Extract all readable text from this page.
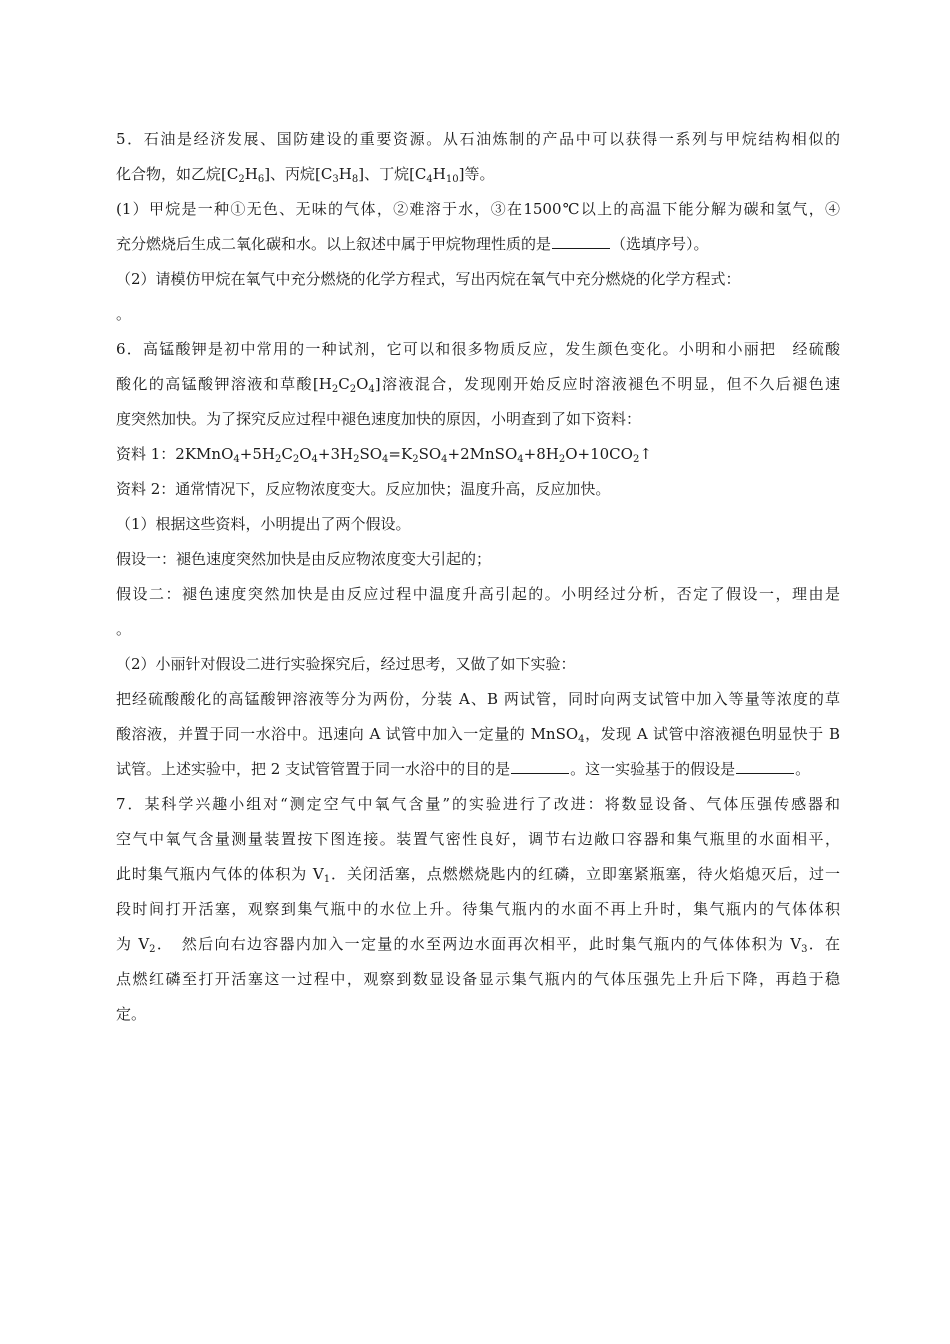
5．石油是经济发展、国防建设的重要资源。从石油炼制的产品中可以获得一系列与甲烷结构相似的
化合物，如乙烷$[C_2H_6]$、丙烷$[C_3H_8]$、丁烷$[C_4H_{10}]$等。
(1）甲烷是一种①无色、无味的气体，②难溶于水，③在1500℃以上的高温下能分解为碳和氢气，④
充分燃烧后生成二氧化碳和水。以上叙述中属于甲烷物理性质的是	（选填序号）。
（2）请模仿甲烷在氧气中充分燃烧的化学方程式，写出丙烷在氧气中充分燃烧的化学方程式：
。
6．高锰酸钾是初中常用的一种试剂，它可以和很多物质反应，发生颜色变化。小明和小丽把　经硫酸
酸化的高锰酸钾溶液和草酸$[H_2C_2O_4]$溶液混合，发现刚开始反应时溶液褪色不明显，但不久后褪色速
度突然加快。为了探究反应过程中褪色速度加快的原因，小明查到了如下资料：
资料 1：$2KMnO_4+5H_2C_2O_4+3H_2SO_4=K_2SO_4+2MnSO_4+8H_2O+10CO_2↑$
资料 2：通常情况下，反应物浓度变大。反应加快；温度升高，反应加快。
（1）根据这些资料，小明提出了两个假设。
假设一：褪色速度突然加快是由反应物浓度变大引起的；
假设二：褪色速度突然加快是由反应过程中温度升高引起的。小明经过分析，否定了假设一，理由是
。
（2）小丽针对假设二进行实验探究后，经过思考，又做了如下实验：
把经硫酸酸化的高锰酸钾溶液等分为两份，分装 A、B 两试管，同时向两支试管中加入等量等浓度的草
酸溶液，并置于同一水浴中。迅速向 A 试管中加入一定量的 MnSO$_4$，发现 A 试管中溶液褪色明显快于 B
试管。上述实验中，把 2 支试管管置于同一水浴中的目的是	。这一实验基于的假设是	。
7．某科学兴趣小组对“测定空气中氧气含量”的实验进行了改进：将数显设备、气体压强传感器和
空气中氧气含量测量装置按下图连接。装置气密性良好，调节右边敞口容器和集气瓶里的水面相平，
此时集气瓶内气体的体积为 $V_1$．关闭活塞，点燃燃烧匙内的红磷，立即塞紧瓶塞，待火焰熄灭后，过一
段时间打开活塞，观察到集气瓶中的水位上升。待集气瓶内的水面不再上升时，集气瓶内的气体体积
为 $V_2$．　然后向右边容器内加入一定量的水至两边水面再次相平，此时集气瓶内的气体体积为 $V_3$．在
点燃红磷至打开活塞这一过程中，观察到数显设备显示集气瓶内的气体压强先上升后下降，再趋于稳
定。
